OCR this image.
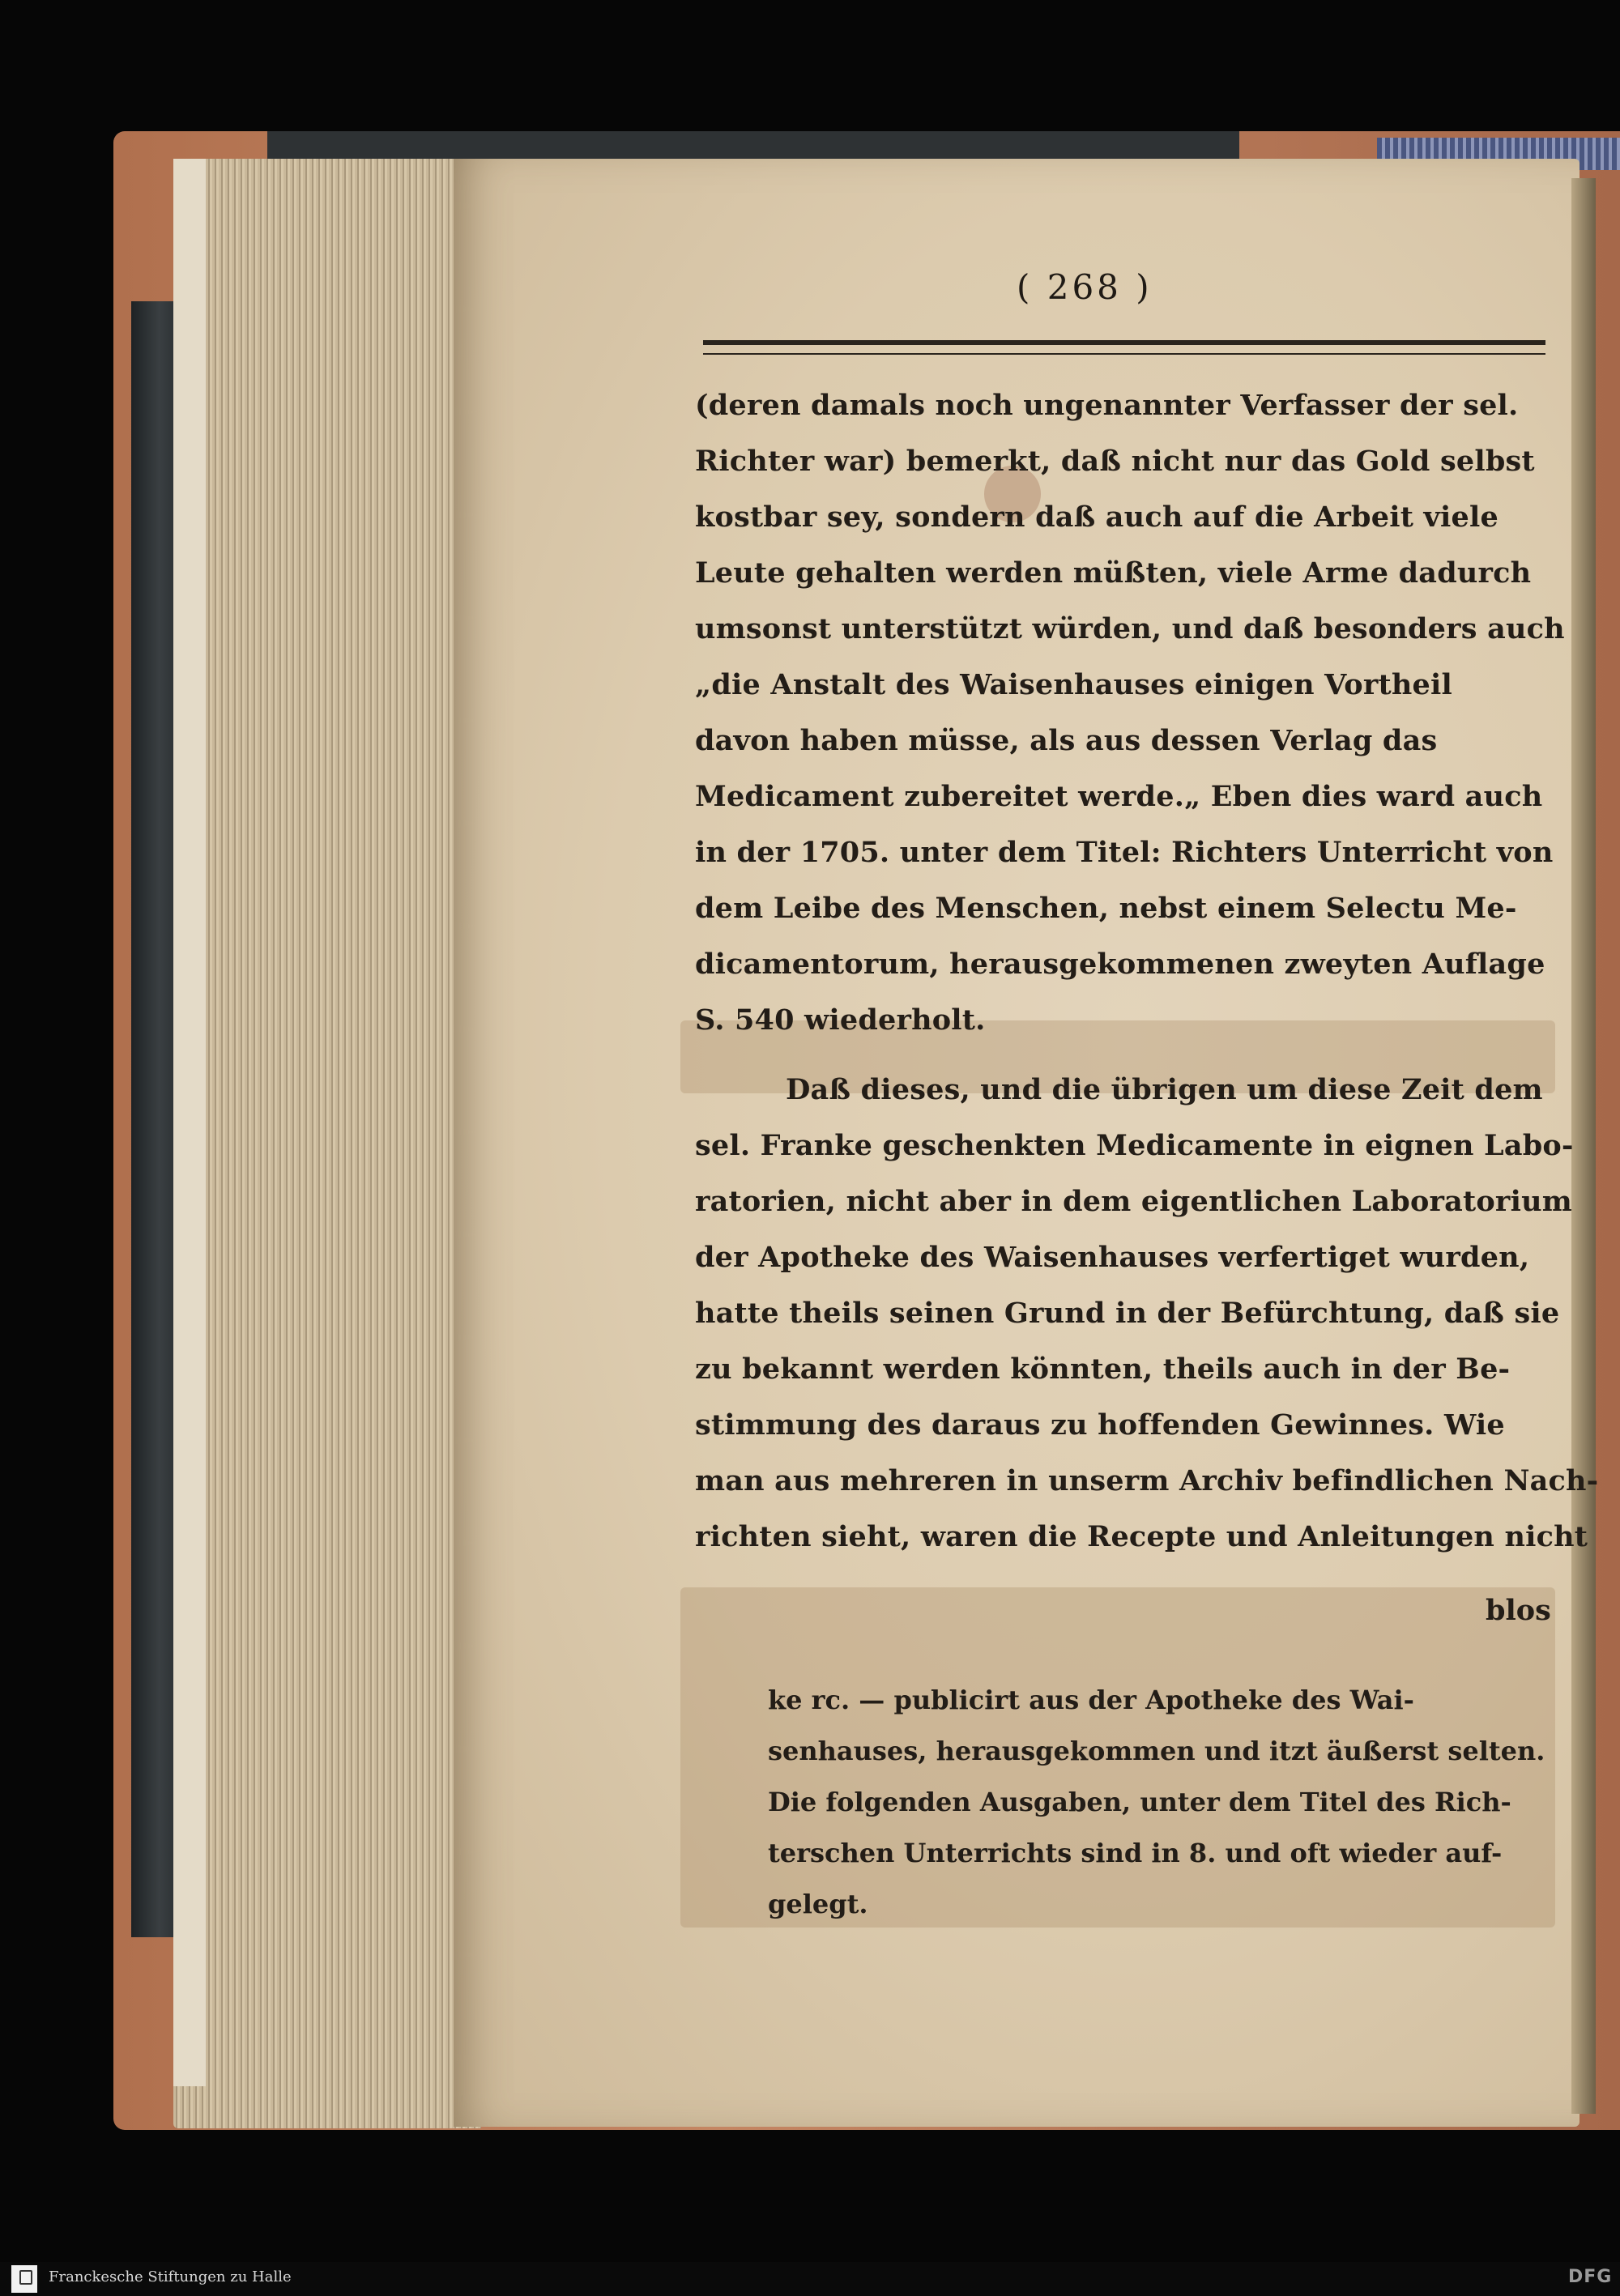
( 268 )
(deren damals noch ungenannter Verfasser der sel.
Richter war) bemerkt, daß nicht nur das Gold selbst
kostbar sey, sondern daß auch auf die Arbeit viele
Leute gehalten werden müßten, viele Arme dadurch
umsonst unterstützt würden, und daß besonders auch
„die Anstalt des Waisenhauses einigen Vortheil
davon haben müsse, als aus dessen Verlag das
Medicament zubereitet werde.„ Eben dies ward auch
in der 1705. unter dem Titel: Richters Unterricht von
dem Leibe des Menschen, nebst einem Selectu Me-
dicamentorum, herausgekommenen zweyten Auflage
S. 540 wiederholt.
Daß dieses, und die übrigen um diese Zeit dem
sel. Franke geschenkten Medicamente in eignen Labo-
ratorien, nicht aber in dem eigentlichen Laboratorium
der Apotheke des Waisenhauses verfertiget wurden,
hatte theils seinen Grund in der Befürchtung, daß sie
zu bekannt werden könnten, theils auch in der Be-
stimmung des daraus zu hoffenden Gewinnes. Wie
man aus mehreren in unserm Archiv befindlichen Nach-
richten sieht, waren die Recepte und Anleitungen nicht
blos
ke rc. — publicirt aus der Apotheke des Wai-
senhauses, herausgekommen und itzt äußerst selten.
Die folgenden Ausgaben, unter dem Titel des Rich-
terschen Unterrichts sind in 8. und oft wieder auf-
gelegt.
Franckesche Stiftungen zu Halle	DFG
